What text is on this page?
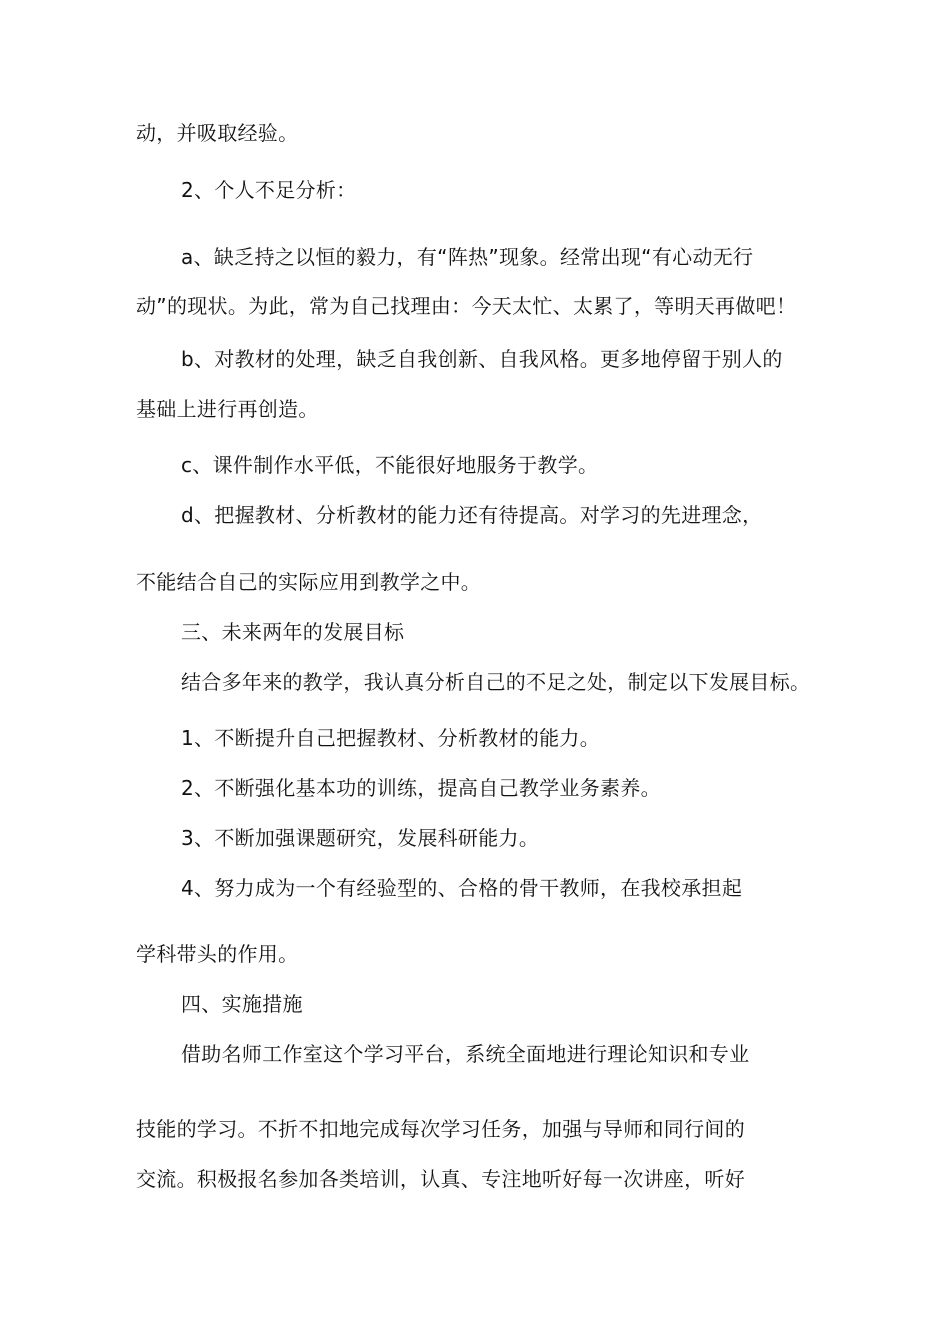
动，并吸取经验。

2、个人不足分析：

a、缺乏持之以恒的毅力，有“阵热”现象。经常出现“有心动无行

动”的现状。为此，常为自己找理由：今天太忙、太累了，等明天再做吧！

b、对教材的处理，缺乏自我创新、自我风格。更多地停留于别人的

基础上进行再创造。

c、课件制作水平低，不能很好地服务于教学。

d、把握教材、分析教材的能力还有待提高。对学习的先进理念，

不能结合自己的实际应用到教学之中。

三、未来两年的发展目标

结合多年来的教学，我认真分析自己的不足之处，制定以下发展目标。

1、不断提升自己把握教材、分析教材的能力。

2、不断强化基本功的训练，提高自己教学业务素养。

3、不断加强课题研究，发展科研能力。

4、努力成为一个有经验型的、合格的骨干教师，在我校承担起

学科带头的作用。

四、实施措施

借助名师工作室这个学习平台，系统全面地进行理论知识和专业

技能的学习。不折不扣地完成每次学习任务，加强与导师和同行间的

交流。积极报名参加各类培训，认真、专注地听好每一次讲座，听好
